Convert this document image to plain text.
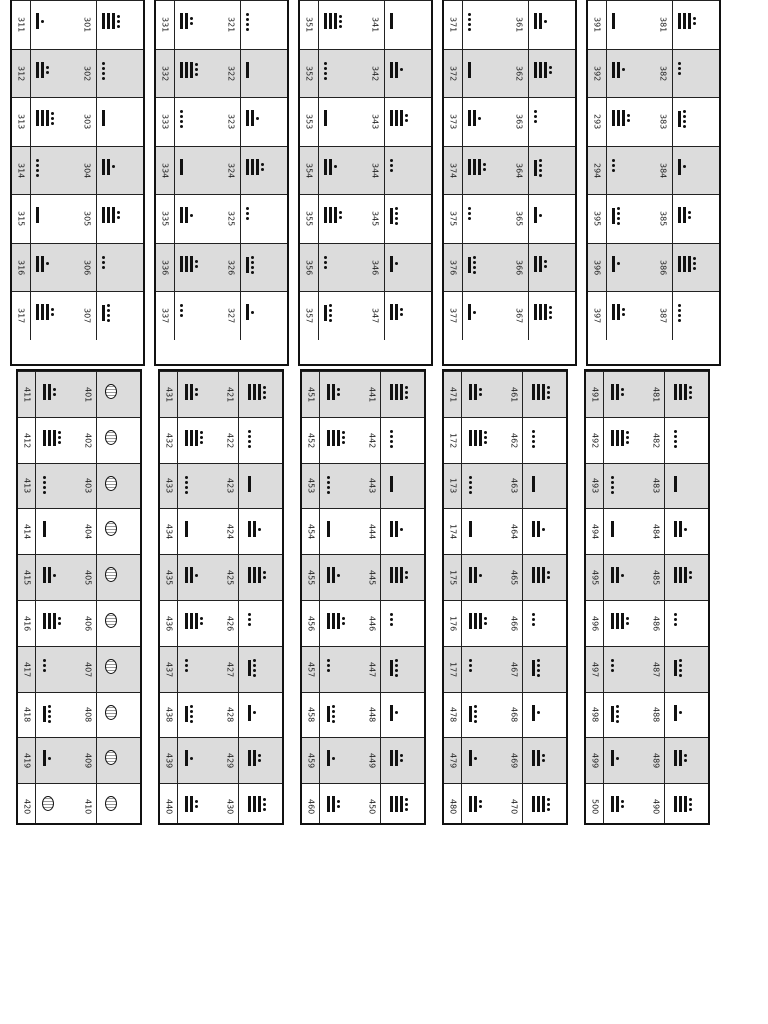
311	301
312	302
313	303
314	304
315	305
316	306
317	307
331	321
332	322
333	323
334	324
335	325
336	326
337	327
351	341
352	342
353	343
354	344
355	345
356	346
357	347
371	361
372	362
373	363
374	364
375	365
376	366
377	367
391	381
392	382
293	383
294	384
395	385
396	386
397	387
411	401
412	402
413	403
414	404
415	405
416	406
417	407
418	408
419	409
420	410
431	421
432	422
433	423
434	424
435	425
436	426
437	427
438	428
439	429
440	430
451	441
452	442
453	443
454	444
455	445
456	446
457	447
458	448
459	449
460	450
471	461
172	462
173	463
174	464
175	465
176	466
177	467
478	468
479	469
480	470
491	481
492	482
493	483
494	484
495	485
496	486
497	487
498	488
499	489
500	490
